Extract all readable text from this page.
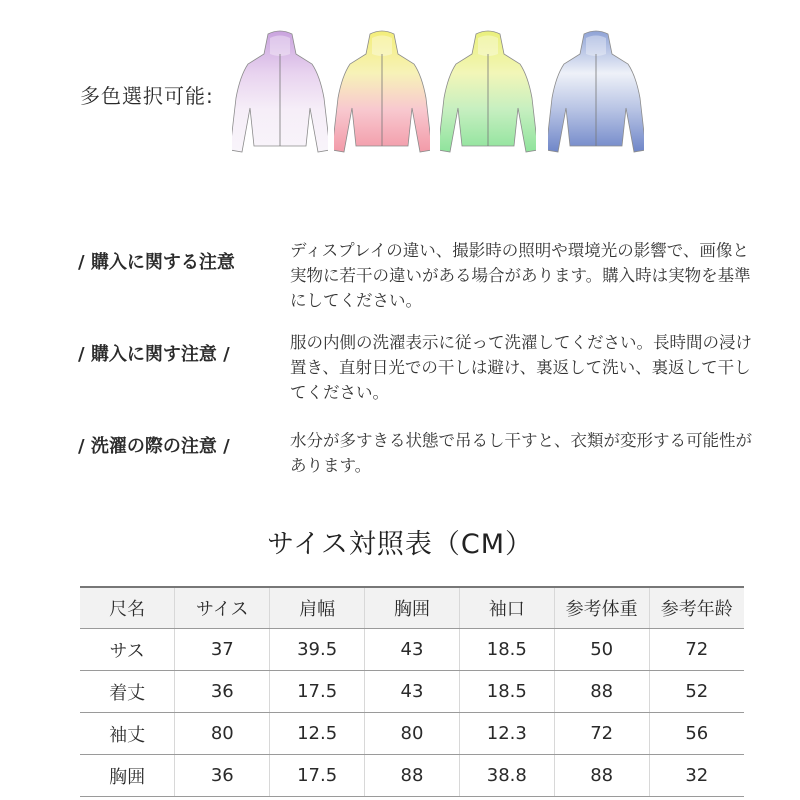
多色選択可能:
/ 購入に関する注意
ディスプレイの違い、撮影時の照明や環境光の影響で、画像と実物に若干の違いがある場合があります。購入時は実物を基準にしてください。
/ 購入に関す注意 /
服の内側の洗濯表示に従って洗濯してください。長時間の浸け置き、直射日光での干しは避け、裏返して洗い、裏返して干してください。
/ 洗濯の際の注意 /	水分が多すきる状態で吊るし干すと、衣類が変形する可能性があります。
サイス対照表（CM）
尺名	サイス	肩幅	胸囲	袖口	参考体重	参考年龄
サス	37	39.5	43	18.5	50	72
着丈	36	17.5	43	18.5	88	52
袖丈	80	12.5	80	12.3	72	56
胸囲	36	17.5	88	38.8	88	32
